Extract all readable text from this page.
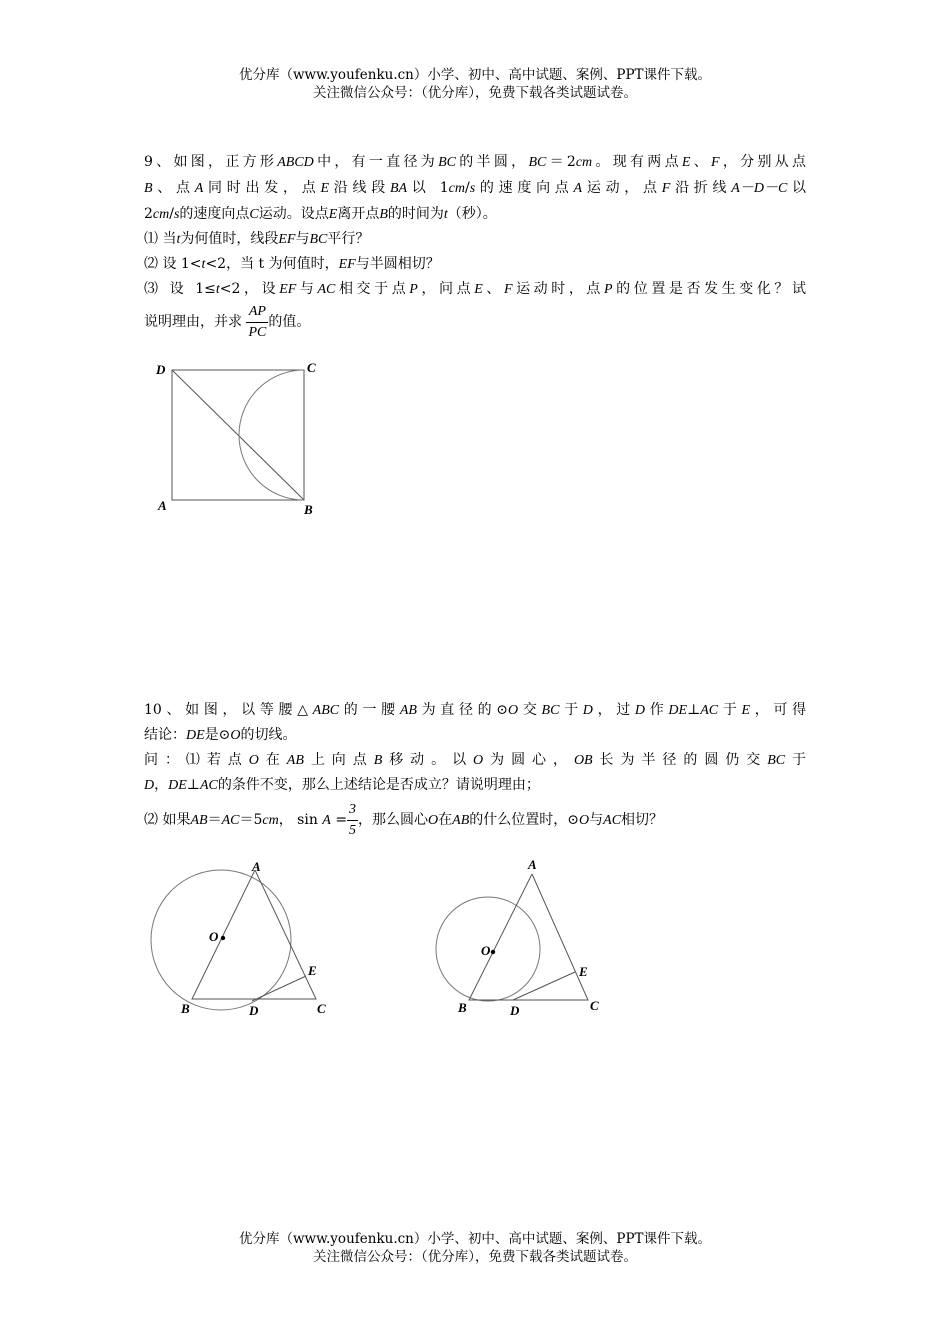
优分库（www.youfenku.cn）小学、初中、高中试题、案例、PPT课件下载。
关注微信公众号：（优分库），免费下载各类试题试卷。
9、如图，正方形ABCD中，有一直径为BC的半圆，BC＝2cm。现有两点E、F，分别从点
B、点A同时出发，点E沿线段BA以 1cm/s的速度向点A运动，点F沿折线A－D－C以
2cm/s的速度向点C运动。设点E离开点B的时间为t（秒）。
⑴ 当t为何值时，线段EF与BC平行？
⑵ 设 1<t<2，当 t 为何值时，EF与半圆相切？
⑶ 设 1≤t<2，设EF与AC相交于点P，问点E、F运动时，点P的位置是否发生变化？试
说明理由，并求 $\frac{AP}{PC}$ 的值。
D	C
A	B
10、如图，以等腰△ABC的一腰AB为直径的⊙O交BC于D，过D作DE⊥AC于E，可得
结论：DE是⊙O的切线。
问：⑴若点O在AB上向点B移动。以O为圆心，OB长为半径的圆仍交BC于
D，DE⊥AC的条件不变，那么上述结论是否成立？请说明理由；
⑵ 如果AB＝AC＝5cm， $\sin A = \frac{3}{5}$ ，那么圆心O在AB的什么位置时，⊙O与AC相切？
A
O
E
B	D	C
A
O
E
B	D	C
优分库（www.youfenku.cn）小学、初中、高中试题、案例、PPT课件下载。
关注微信公众号：（优分库），免费下载各类试题试卷。
